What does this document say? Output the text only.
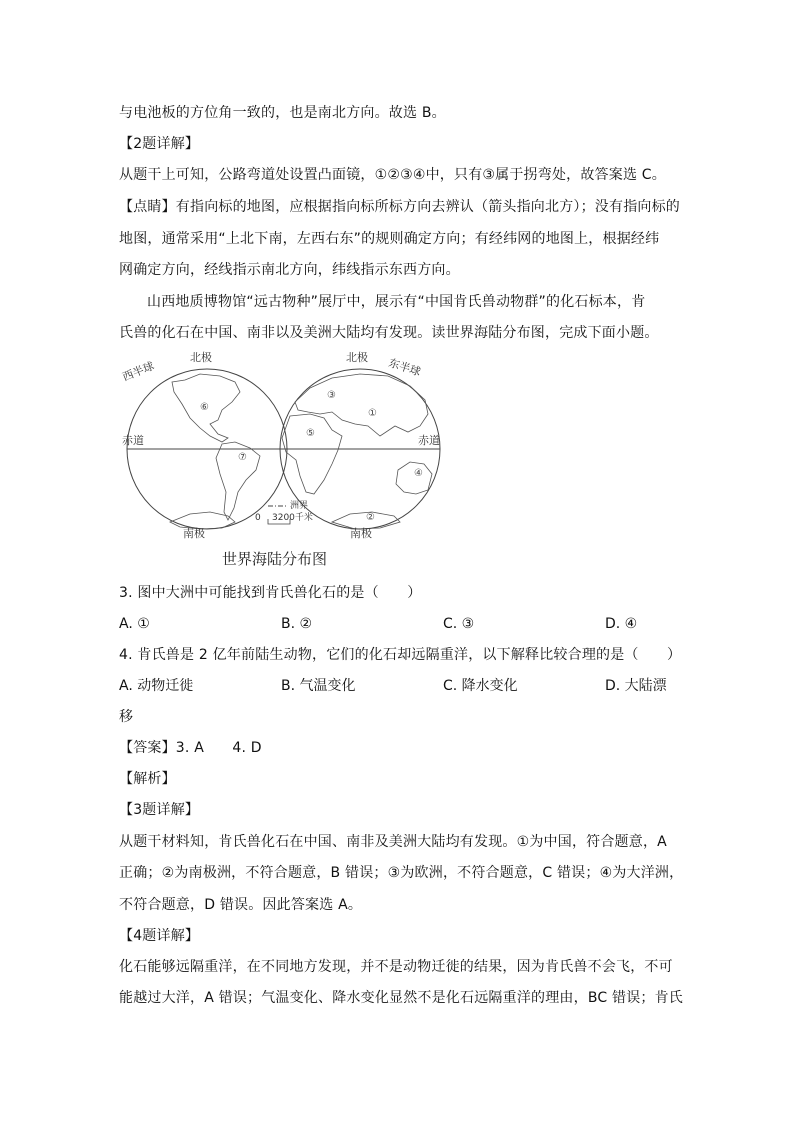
与电池板的方位角一致的，也是南北方向。故选 B。
【2题详解】
从题干上可知，公路弯道处设置凸面镜，①②③④中，只有③属于拐弯处，故答案选 C。
【点睛】有指向标的地图，应根据指向标所标方向去辨认（箭头指向北方）；没有指向标的
地图，通常采用“上北下南，左西右东”的规则确定方向；有经纬网的地图上，根据经纬
网确定方向，经线指示南北方向，纬线指示东西方向。
山西地质博物馆“远古物种”展厅中，展示有“中国肯氏兽动物群”的化石标本，肯
氏兽的化石在中国、南非以及美洲大陆均有发现。读世界海陆分布图，完成下面小题。
北极	北极
西半球	东半球
赤道	赤道
南极	南极
洲界
0 3200千米
①
②
③
④
⑤
⑥
⑦
世界海陆分布图
3. 图中大洲中可能找到肯氏兽化石的是（　　）
A. ①	B. ②	C. ③	D. ④
4. 肯氏兽是 2 亿年前陆生动物，它们的化石却远隔重洋，以下解释比较合理的是（　　）
A. 动物迁徙	B. 气温变化	C. 降水变化	D. 大陆漂
移
【答案】3. A　　4. D
【解析】
【3题详解】
从题干材料知，肯氏兽化石在中国、南非及美洲大陆均有发现。①为中国，符合题意，A
正确；②为南极洲，不符合题意，B 错误；③为欧洲，不符合题意，C 错误；④为大洋洲，
不符合题意，D 错误。因此答案选 A。
【4题详解】
化石能够远隔重洋，在不同地方发现，并不是动物迁徙的结果，因为肯氏兽不会飞，不可
能越过大洋，A 错误；气温变化、降水变化显然不是化石远隔重洋的理由，BC 错误；肯氏
